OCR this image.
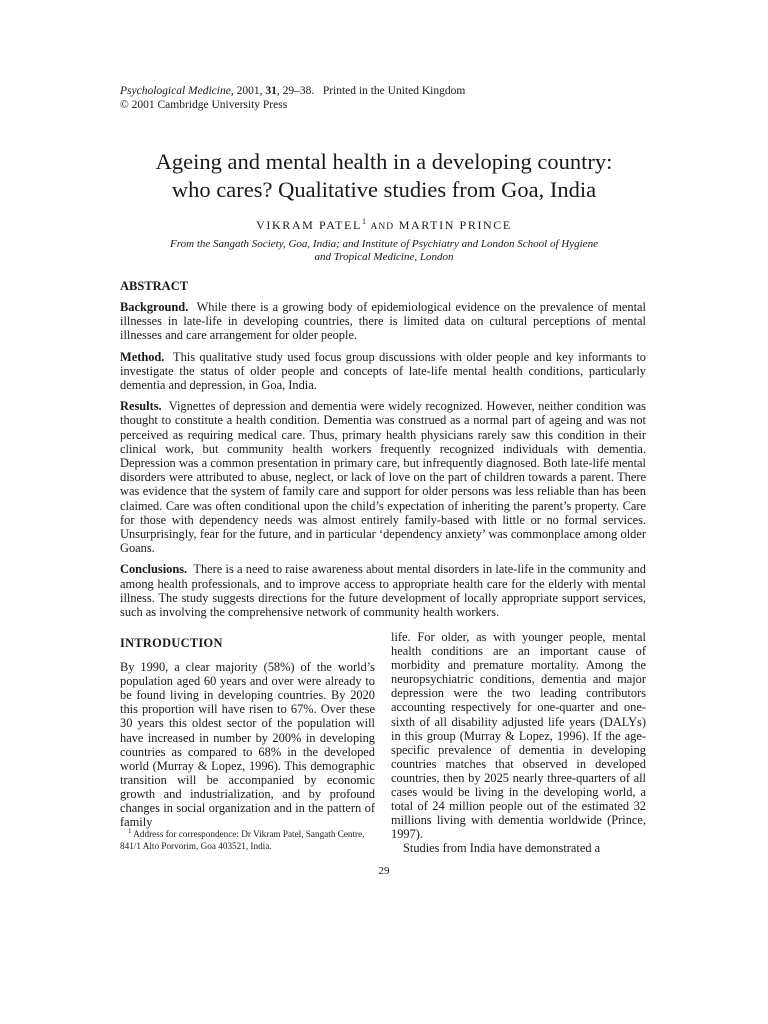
Psychological Medicine, 2001, 31, 29–38. Printed in the United Kingdom
© 2001 Cambridge University Press
Ageing and mental health in a developing country:
who cares? Qualitative studies from Goa, India
VIKRAM PATEL$^1$ AND MARTIN PRINCE
From the Sangath Society, Goa, India; and Institute of Psychiatry and London School of Hygiene
and Tropical Medicine, London
ABSTRACT

Background. While there is a growing body of epidemiological evidence on the prevalence of mental illnesses in late-life in developing countries, there is limited data on cultural perceptions of mental illnesses and care arrangement for older people.

Method. This qualitative study used focus group discussions with older people and key informants to investigate the status of older people and concepts of late-life mental health conditions, particularly dementia and depression, in Goa, India.

Results. Vignettes of depression and dementia were widely recognized. However, neither condition was thought to constitute a health condition. Dementia was construed as a normal part of ageing and was not perceived as requiring medical care. Thus, primary health physicians rarely saw this condition in their clinical work, but community health workers frequently recognized individuals with dementia. Depression was a common presentation in primary care, but infrequently diagnosed. Both late-life mental disorders were attributed to abuse, neglect, or lack of love on the part of children towards a parent. There was evidence that the system of family care and support for older persons was less reliable than has been claimed. Care was often conditional upon the child’s expectation of inheriting the parent’s property. Care for those with dependency needs was almost entirely family-based with little or no formal services. Unsurprisingly, fear for the future, and in particular ‘dependency anxiety’ was commonplace among older Goans.

Conclusions. There is a need to raise awareness about mental disorders in late-life in the community and among health professionals, and to improve access to appropriate health care for the elderly with mental illness. The study suggests directions for the future development of locally appropriate support services, such as involving the comprehensive network of community health workers.

INTRODUCTION

By 1990, a clear majority (58%) of the world’s population aged 60 years and over were already to be found living in developing countries. By 2020 this proportion will have risen to 67%. Over these 30 years this oldest sector of the population will have increased in number by 200% in developing countries as compared to 68% in the developed world (Murray & Lopez, 1996). This demographic transition will be accompanied by economic growth and industrialization, and by profound changes in social organization and in the pattern of family

life. For older, as with younger people, mental health conditions are an important cause of morbidity and premature mortality. Among the neuropsychiatric conditions, dementia and major depression were the two leading contributors accounting respectively for one-quarter and one-sixth of all disability adjusted life years (DALYs) in this group (Murray & Lopez, 1996). If the age-specific prevalence of dementia in developing countries matches that observed in developed countries, then by 2025 nearly three-quarters of all cases would be living in the developing world, a total of 24 million people out of the estimated 32 millions living with dementia worldwide (Prince, 1997).

Studies from India have demonstrated a

$^1$ Address for correspondence: Dr Vikram Patel, Sangath Centre, 841/1 Alto Porvorim, Goa 403521, India.

29
